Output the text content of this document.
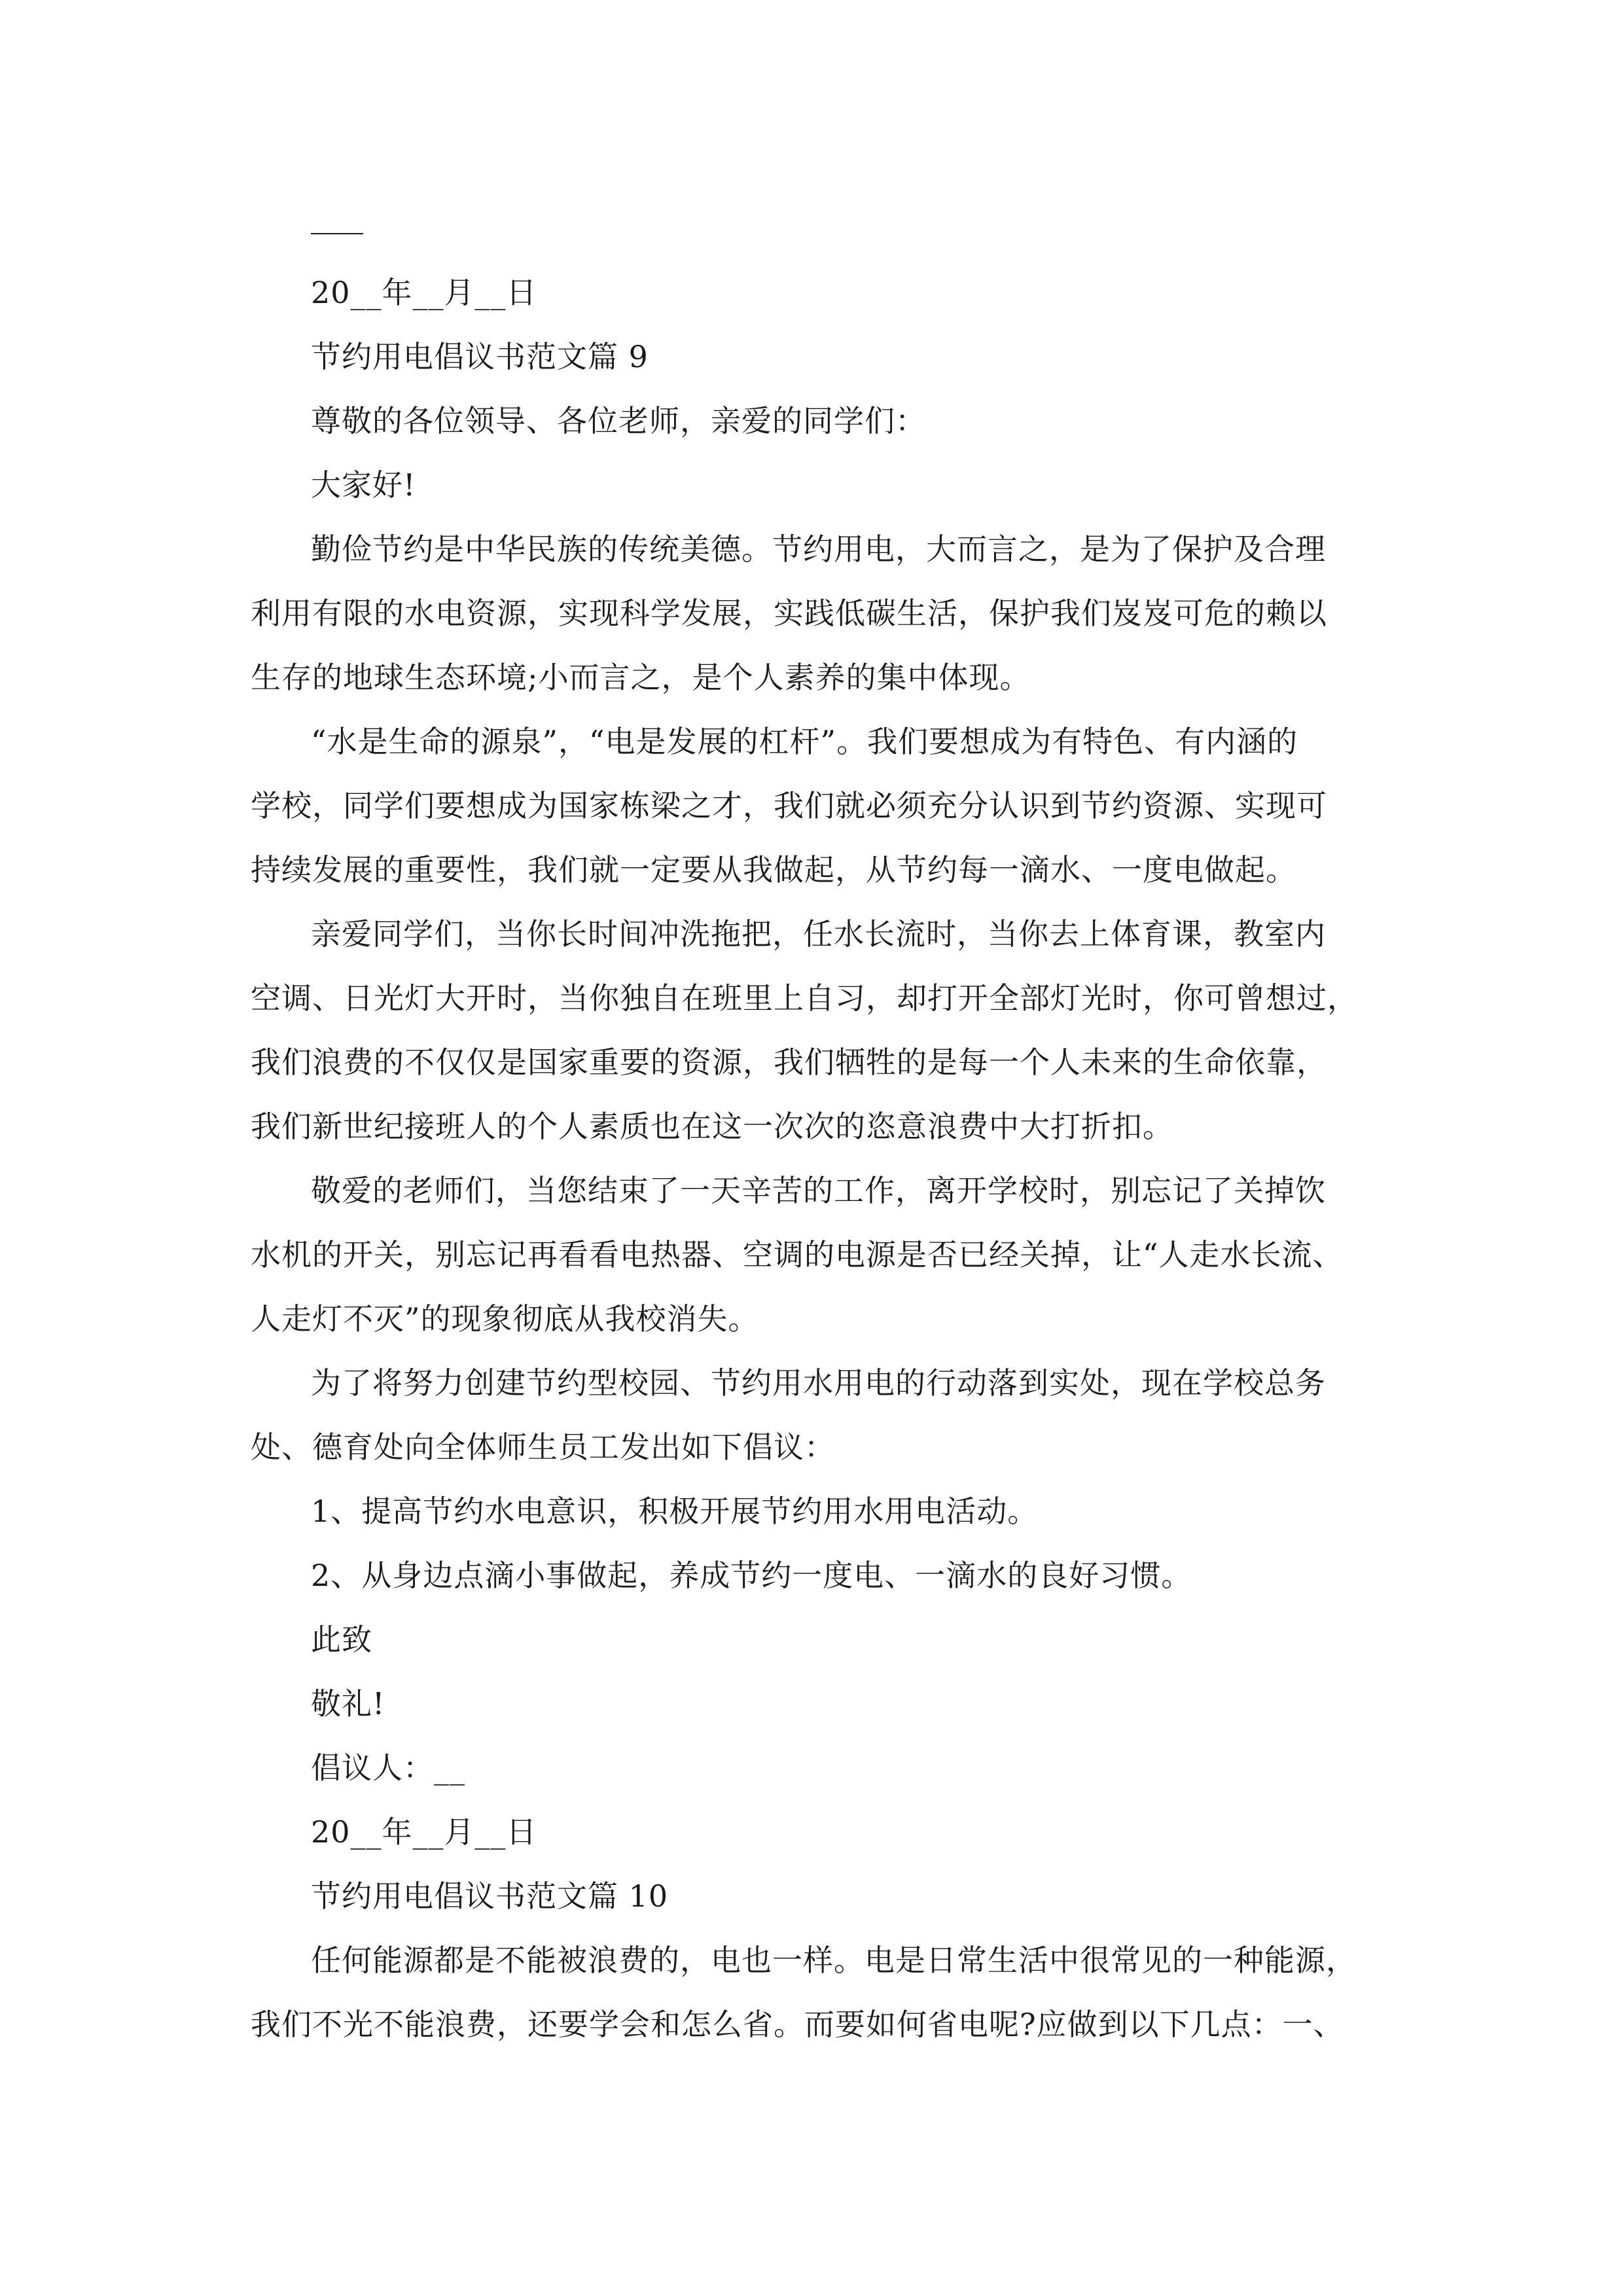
20__年__月__日
节约用电倡议书范文篇 9
尊敬的各位领导、各位老师，亲爱的同学们：
大家好!
勤俭节约是中华民族的传统美德。节约用电，大而言之，是为了保护及合理
利用有限的水电资源，实现科学发展，实践低碳生活，保护我们岌岌可危的赖以
生存的地球生态环境;小而言之，是个人素养的集中体现。
“水是生命的源泉”，“电是发展的杠杆”。我们要想成为有特色、有内涵的
学校，同学们要想成为国家栋梁之才，我们就必须充分认识到节约资源、实现可
持续发展的重要性，我们就一定要从我做起，从节约每一滴水、一度电做起。
亲爱同学们，当你长时间冲洗拖把，任水长流时，当你去上体育课，教室内
空调、日光灯大开时，当你独自在班里上自习，却打开全部灯光时，你可曾想过，
我们浪费的不仅仅是国家重要的资源，我们牺牲的是每一个人未来的生命依靠，
我们新世纪接班人的个人素质也在这一次次的恣意浪费中大打折扣。
敬爱的老师们，当您结束了一天辛苦的工作，离开学校时，别忘记了关掉饮
水机的开关，别忘记再看看电热器、空调的电源是否已经关掉，让“人走水长流、
人走灯不灭”的现象彻底从我校消失。
为了将努力创建节约型校园、节约用水用电的行动落到实处，现在学校总务
处、德育处向全体师生员工发出如下倡议：
1、提高节约水电意识，积极开展节约用水用电活动。
2、从身边点滴小事做起，养成节约一度电、一滴水的良好习惯。
此致
敬礼!
倡议人：__
20__年__月__日
节约用电倡议书范文篇 10
任何能源都是不能被浪费的，电也一样。电是日常生活中很常见的一种能源，
我们不光不能浪费，还要学会和怎么省。而要如何省电呢?应做到以下几点：一、
